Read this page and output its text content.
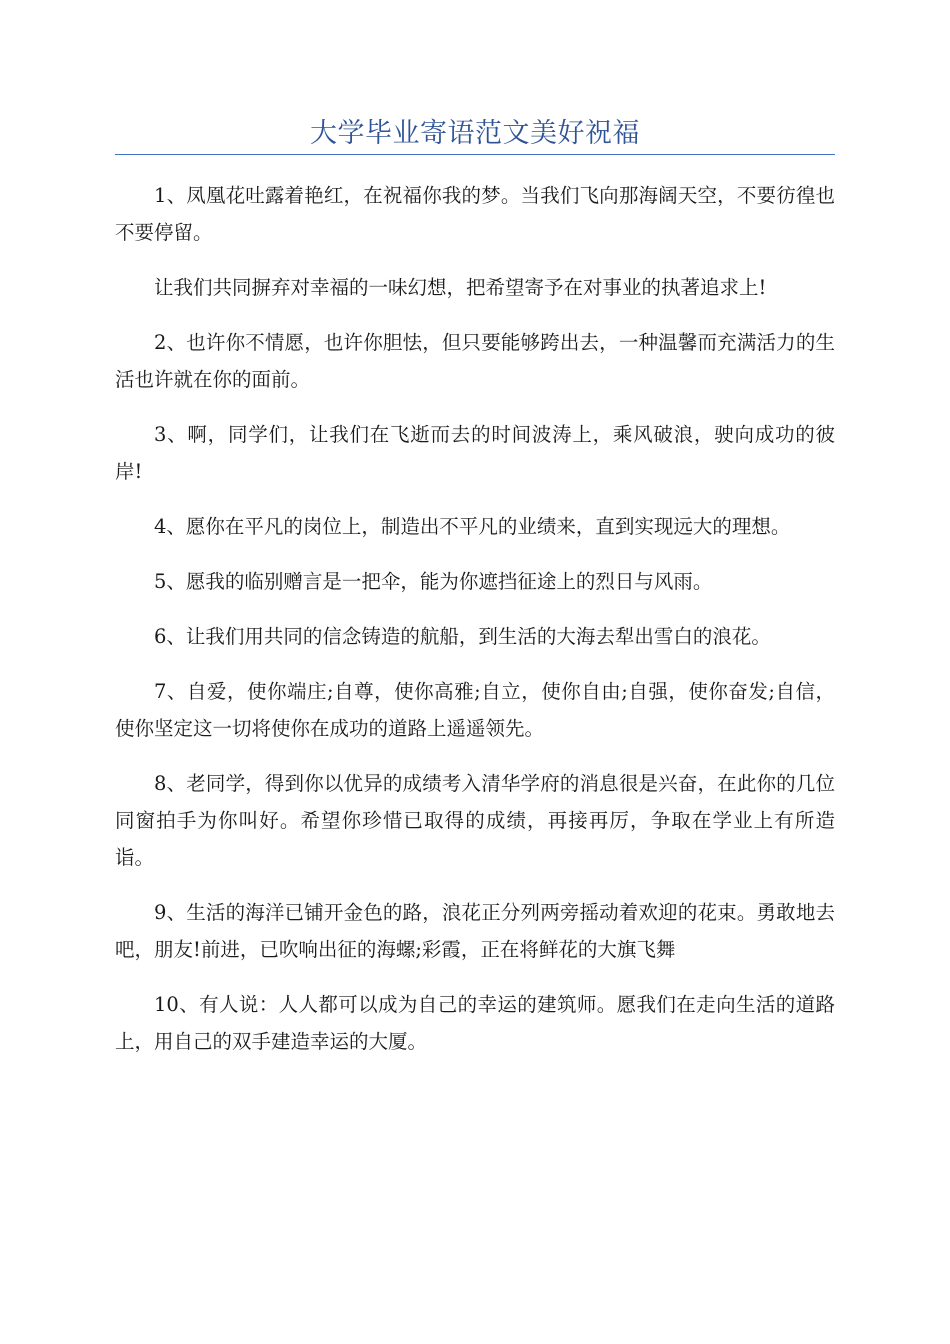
大学毕业寄语范文美好祝福

1、凤凰花吐露着艳红，在祝福你我的梦。当我们飞向那海阔天空，不要彷徨也不要停留。

让我们共同摒弃对幸福的一味幻想，把希望寄予在对事业的执著追求上!

2、也许你不情愿，也许你胆怯，但只要能够跨出去，一种温馨而充满活力的生活也许就在你的面前。

3、啊，同学们，让我们在飞逝而去的时间波涛上，乘风破浪，驶向成功的彼岸!

4、愿你在平凡的岗位上，制造出不平凡的业绩来，直到实现远大的理想。

5、愿我的临别赠言是一把伞，能为你遮挡征途上的烈日与风雨。

6、让我们用共同的信念铸造的航船，到生活的大海去犁出雪白的浪花。

7、自爱，使你端庄;自尊，使你高雅;自立，使你自由;自强，使你奋发;自信，使你坚定这一切将使你在成功的道路上遥遥领先。

8、老同学，得到你以优异的成绩考入清华学府的消息很是兴奋，在此你的几位同窗拍手为你叫好。希望你珍惜已取得的成绩，再接再厉，争取在学业上有所造诣。

9、生活的海洋已铺开金色的路，浪花正分列两旁摇动着欢迎的花束。勇敢地去吧，朋友!前进，已吹响出征的海螺;彩霞，正在将鲜花的大旗飞舞

10、有人说：人人都可以成为自己的幸运的建筑师。愿我们在走向生活的道路上，用自己的双手建造幸运的大厦。
